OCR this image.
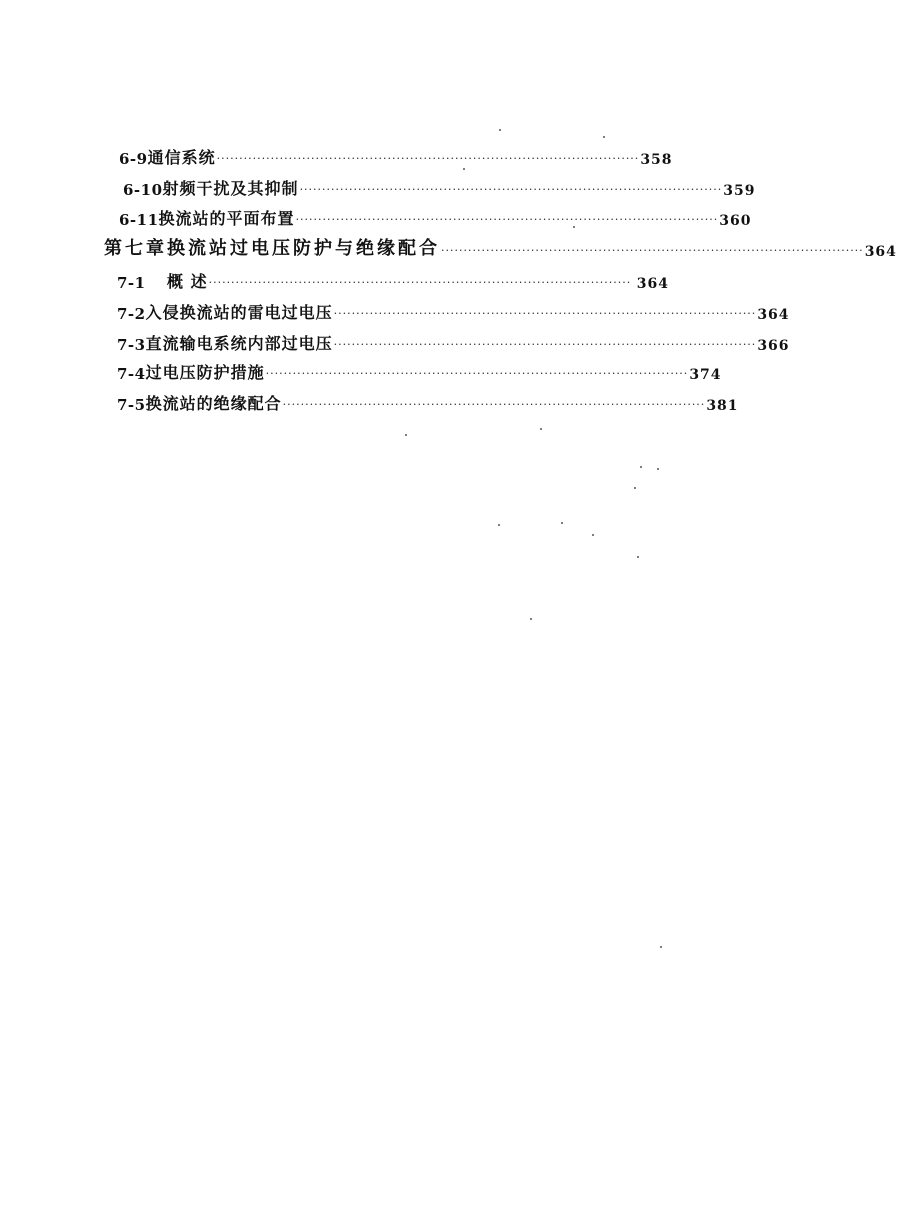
6-9 通信系统 ······························································································ 358
6-10 射频干扰及其抑制 ······························································································ 359
6-11 换流站的平面布置 ······························································································ 360
第七章 换流站过电压防护与绝缘配合 ······························································································ 364
7-1	概 述 ······························································································ 364
7-2 入侵换流站的雷电过电压 ······························································································ 364
7-3 直流输电系统内部过电压 ······························································································ 366
7-4 过电压防护措施 ······························································································ 374
7-5 换流站的绝缘配合 ······························································································ 381
